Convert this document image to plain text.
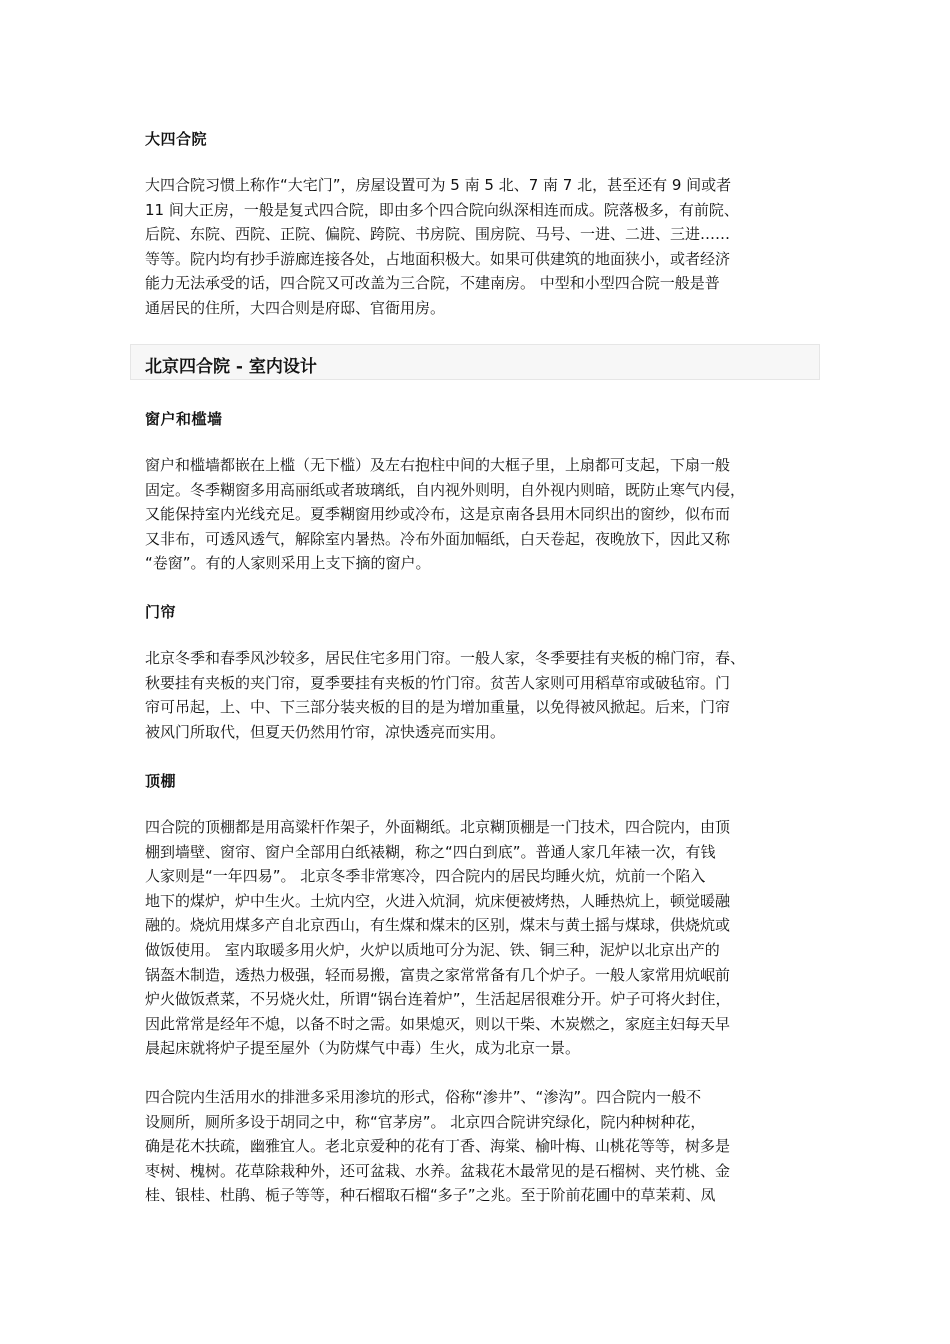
大四合院
大四合院习惯上称作“大宅门”，房屋设置可为 5 南 5 北、7 南 7 北，甚至还有 9 间或者
11 间大正房，一般是复式四合院，即由多个四合院向纵深相连而成。院落极多，有前院、
后院、东院、西院、正院、偏院、跨院、书房院、围房院、马号、一进、二进、三进……
等等。院内均有抄手游廊连接各处，占地面积极大。如果可供建筑的地面狭小，或者经济
能力无法承受的话，四合院又可改盖为三合院，不建南房。 中型和小型四合院一般是普
通居民的住所，大四合则是府邸、官衙用房。
北京四合院 - 室内设计
窗户和槛墙
窗户和槛墙都嵌在上槛（无下槛）及左右抱柱中间的大框子里，上扇都可支起，下扇一般
固定。冬季糊窗多用高丽纸或者玻璃纸，自内视外则明，自外视内则暗，既防止寒气内侵，
又能保持室内光线充足。夏季糊窗用纱或冷布，这是京南各县用木同织出的窗纱，似布而
又非布，可透风透气，解除室内暑热。冷布外面加幅纸，白天卷起，夜晚放下，因此又称
“卷窗”。有的人家则采用上支下摘的窗户。
门帘
北京冬季和春季风沙较多，居民住宅多用门帘。一般人家，冬季要挂有夹板的棉门帘，春、
秋要挂有夹板的夹门帘，夏季要挂有夹板的竹门帘。贫苦人家则可用稻草帘或破毡帘。门
帘可吊起，上、中、下三部分装夹板的目的是为增加重量，以免得被风掀起。后来，门帘
被风门所取代，但夏天仍然用竹帘，凉快透亮而实用。
顶棚
四合院的顶棚都是用高粱杆作架子，外面糊纸。北京糊顶棚是一门技术，四合院内，由顶
棚到墙壁、窗帘、窗户全部用白纸裱糊，称之“四白到底”。普通人家几年裱一次，有钱
人家则是“一年四易”。 北京冬季非常寒冷，四合院内的居民均睡火炕，炕前一个陷入
地下的煤炉，炉中生火。土炕内空，火进入炕洞，炕床便被烤热，人睡热炕上，顿觉暖融
融的。烧炕用煤多产自北京西山，有生煤和煤末的区别，煤末与黄土摇与煤球，供烧炕或
做饭使用。 室内取暖多用火炉，火炉以质地可分为泥、铁、铜三种，泥炉以北京出产的
锅盔木制造，透热力极强，轻而易搬，富贵之家常常备有几个炉子。一般人家常用炕岷前
炉火做饭煮菜，不另烧火灶，所谓“锅台连着炉”，生活起居很难分开。炉子可将火封住，
因此常常是经年不熄，以备不时之需。如果熄灭，则以干柴、木炭燃之，家庭主妇每天早
晨起床就将炉子提至屋外（为防煤气中毒）生火，成为北京一景。
四合院内生活用水的排泄多采用渗坑的形式，俗称“渗井”、“渗沟”。四合院内一般不
设厕所，厕所多设于胡同之中，称“官茅房”。 北京四合院讲究绿化，院内种树种花，
确是花木扶疏，幽雅宜人。老北京爱种的花有丁香、海棠、榆叶梅、山桃花等等，树多是
枣树、槐树。花草除栽种外，还可盆栽、水养。盆栽花木最常见的是石榴树、夹竹桃、金
桂、银桂、杜鹃、栀子等等，种石榴取石榴“多子”之兆。至于阶前花圃中的草茉莉、凤
